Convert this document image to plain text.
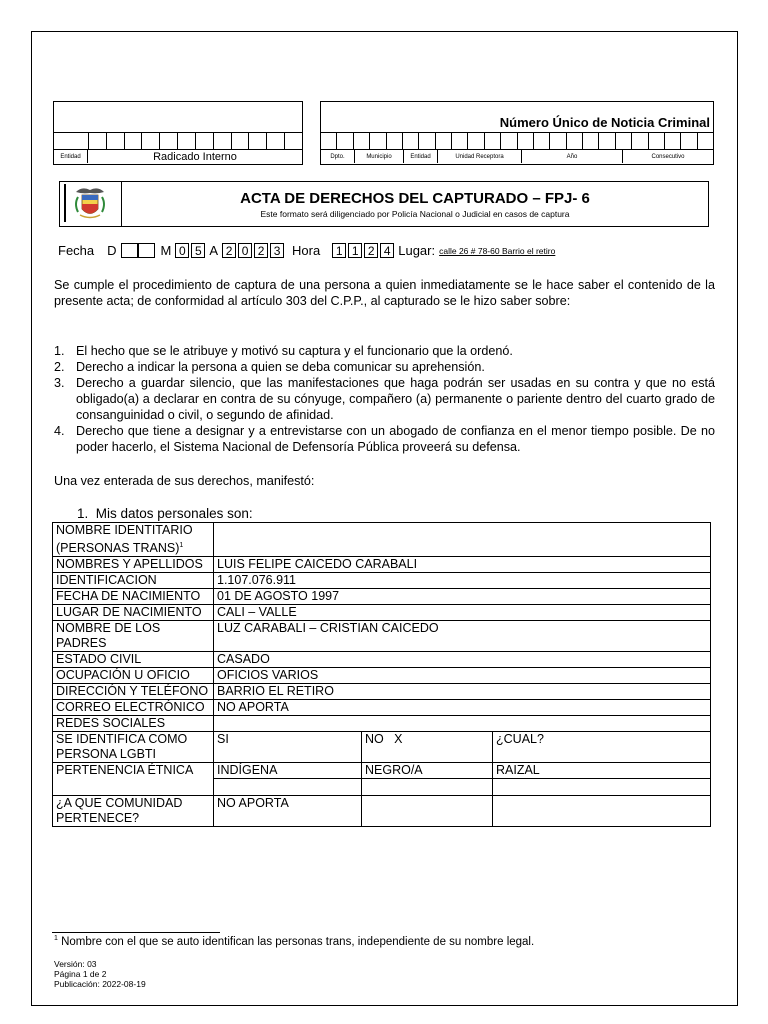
Entidad	Radicado Interno
Número Único de Noticia Criminal
Dpto.	Municipio	Entidad	Unidad Receptora	Año	Consecutivo
ACTA DE DERECHOS DEL CAPTURADO – FPJ- 6
Este formato será diligenciado por Policía Nacional o Judicial en casos de captura
Fecha D	M 0 5 A 2 0 2 3 Hora	1 1 2 4 Lugar: calle 26 # 78-60 Barrio el retiro
Se cumple el procedimiento de captura de una persona a quien inmediatamente se le hace saber el contenido de la presente acta; de conformidad al artículo 303 del C.P.P., al capturado se le hizo saber sobre:
1. El hecho que se le atribuye y motivó su captura y el funcionario que la ordenó.
2. Derecho a indicar la persona a quien se deba comunicar su aprehensión.
3. Derecho a guardar silencio, que las manifestaciones que haga podrán ser usadas en su contra y que no está obligado(a) a declarar en contra de su cónyuge, compañero (a) permanente o pariente dentro del cuarto grado de consanguinidad o civil, o segundo de afinidad.
4. Derecho que tiene a designar y a entrevistarse con un abogado de confianza en el menor tiempo posible. De no poder hacerlo, el Sistema Nacional de Defensoría Pública proveerá su defensa.
Una vez enterada de sus derechos, manifestó:
1. Mis datos personales son:
NOMBRE IDENTITARIO (PERSONAS TRANS)$^1$	
NOMBRES Y APELLIDOS	LUIS FELIPE CAICEDO CARABALI		
IDENTIFICACION	1.107.076.911		
FECHA DE NACIMIENTO	01 DE AGOSTO 1997		
LUGAR DE NACIMIENTO	CALI – VALLE		
NOMBRE DE LOS PADRES	LUZ CARABALI – CRISTIAN CAICEDO		
ESTADO CIVIL	CASADO		
OCUPACIÓN U OFICIO	OFICIOS VARIOS		
DIRECCIÓN Y TELÉFONO	BARRIO EL RETIRO		
CORREO ELECTRÓNICO	NO APORTA		
REDES SOCIALES			
SE IDENTIFICA COMO PERSONA LGBTI	SI	NO   X	¿CUAL?
PERTENENCIA ÉTNICA	INDÍGENA	NEGRO/A	RAIZAL

¿A QUE COMUNIDAD PERTENECE?	NO APORTA		
$^1$ Nombre con el que se auto identifican las personas trans, independiente de su nombre legal.
Versión: 03
Página 1 de 2
Publicación: 2022-08-19
